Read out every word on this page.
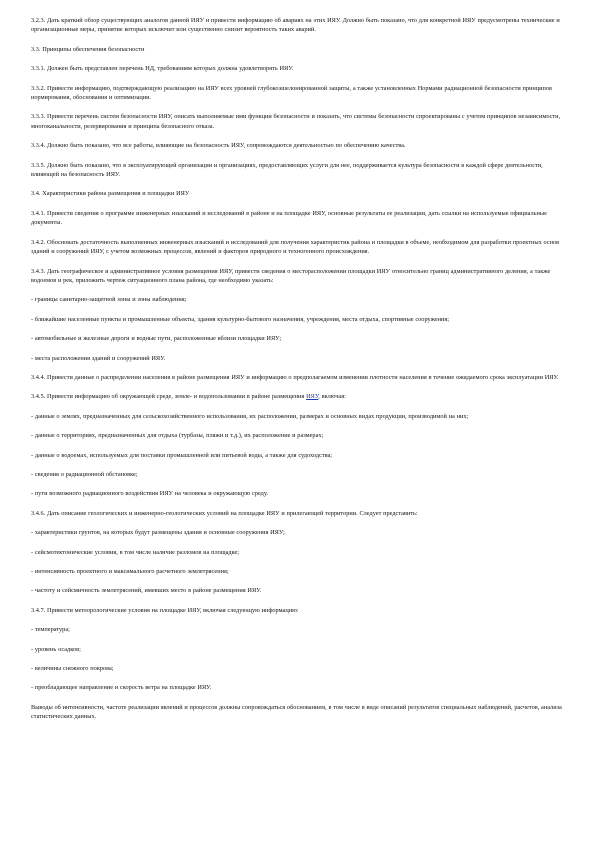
3.2.3. Дать краткий обзор существующих аналогов данной ИЯУ и привести информацию об авариях на этих ИЯУ. Должно быть показано, что для конкретной ИЯУ предусмотрены технические и организационные меры, принятие которых исключит или существенно снизит вероятность таких аварий.

3.3. Принципы обеспечения безопасности

3.3.1. Должен быть представлен перечень НД, требованиям которых должна удовлетворять ИЯУ.

3.3.2. Привести информацию, подтверждающую реализацию на ИЯУ всех уровней глубокоэшелонированной защиты, а также установленных Нормами радиационной безопасности принципов нормирования, обоснования и оптимизации.

3.3.3. Привести перечень систем безопасности ИЯУ, описать выполняемые ими функции безопасности и показать, что системы безопасности спроектированы с учетом принципов независимости, многоканальности, резервирования и принципа безопасного отказа.

3.3.4. Должно быть показано, что все работы, влияющие на безопасность ИЯУ, сопровождаются деятельностью по обеспечению качества.

3.3.5. Должно быть показано, что в эксплуатирующей организации и организациях, предоставляющих услуги для нее, поддерживается культура безопасности в каждой сфере деятельности, влияющей на безопасность ИЯУ.

3.4. Характеристики района размещения и площадки ИЯУ

3.4.1. Привести сведения о программе инженерных изысканий и исследований в районе и на площадке ИЯУ, основные результаты ее реализации, дать ссылки на используемые официальные документы.

3.4.2. Обосновать достаточность выполненных инженерных изысканий и исследований для получения характеристик района и площадки в объеме, необходимом для разработки проектных основ зданий и сооружений ИЯУ, с учетом возможных процессов, явлений и факторов природного и техногенного происхождения.

3.4.3. Дать географическое и административное условия размещения ИЯУ, привести сведения о месторасположении площадки ИЯУ относительно границ административного деления, а также водоемов и рек, приложить чертеж ситуационного плана района, где необходимо указать:

- границы санитарно-защитной зоны и зоны наблюдения;

- ближайшие населенные пункты и промышленные объекты, здания культурно-бытового назначения, учреждения, места отдыха, спортивные сооружения;

- автомобильные и железные дороги и водные пути, расположенные вблизи площадки ИЯУ;

- места расположения зданий и сооружений ИЯУ.

3.4.4. Привести данные о распределении населения в районе размещения ИЯУ и информацию о предполагаемом изменении плотности населения в течение ожидаемого срока эксплуатации ИЯУ.

3.4.5. Привести информацию об окружающей среде, земле- и водопользовании в районе размещения ИЯУ, включая:

- данные о землях, предназначенных для сельскохозяйственного использования, их расположении, размерах и основных видах продукции, производимой на них;

- данные о территориях, предназначенных для отдыха (турбазы, пляжи и т.д.), их расположение и размерах;

- данные о водоемах, используемых для поставки промышленной или питьевой воды, а также для судоходства;

- сведения о радиационной обстановке;

- пути возможного радиационного воздействия ИЯУ на человека и окружающую среду.

3.4.6. Дать описание геологических и инженерно-геологических условий на площадке ИЯУ и прилегающей территории. Следует представить:

- характеристики грунтов, на которых будут размещены здания и основные сооружения ИЯУ;

- сейсмотектонические условия, в том числе наличие разломов на площадке;

- интенсивность проектного и максимального расчетного землетрясения;

- частоту и сейсмичность землетрясений, имевших место в районе размещения ИЯУ.

3.4.7. Привести метеорологические условия на площадке ИЯУ, включая следующую информацию:

- температура;

- уровень осадков;

- величины снежного покрова;

- преобладающее направление и скорость ветра на площадке ИЯУ.

Выводы об интенсивности, частоте реализации явлений и процессов должны сопровождаться обоснованием, в том числе в виде описаний результатов специальных наблюдений, расчетов, анализа статистических данных.
